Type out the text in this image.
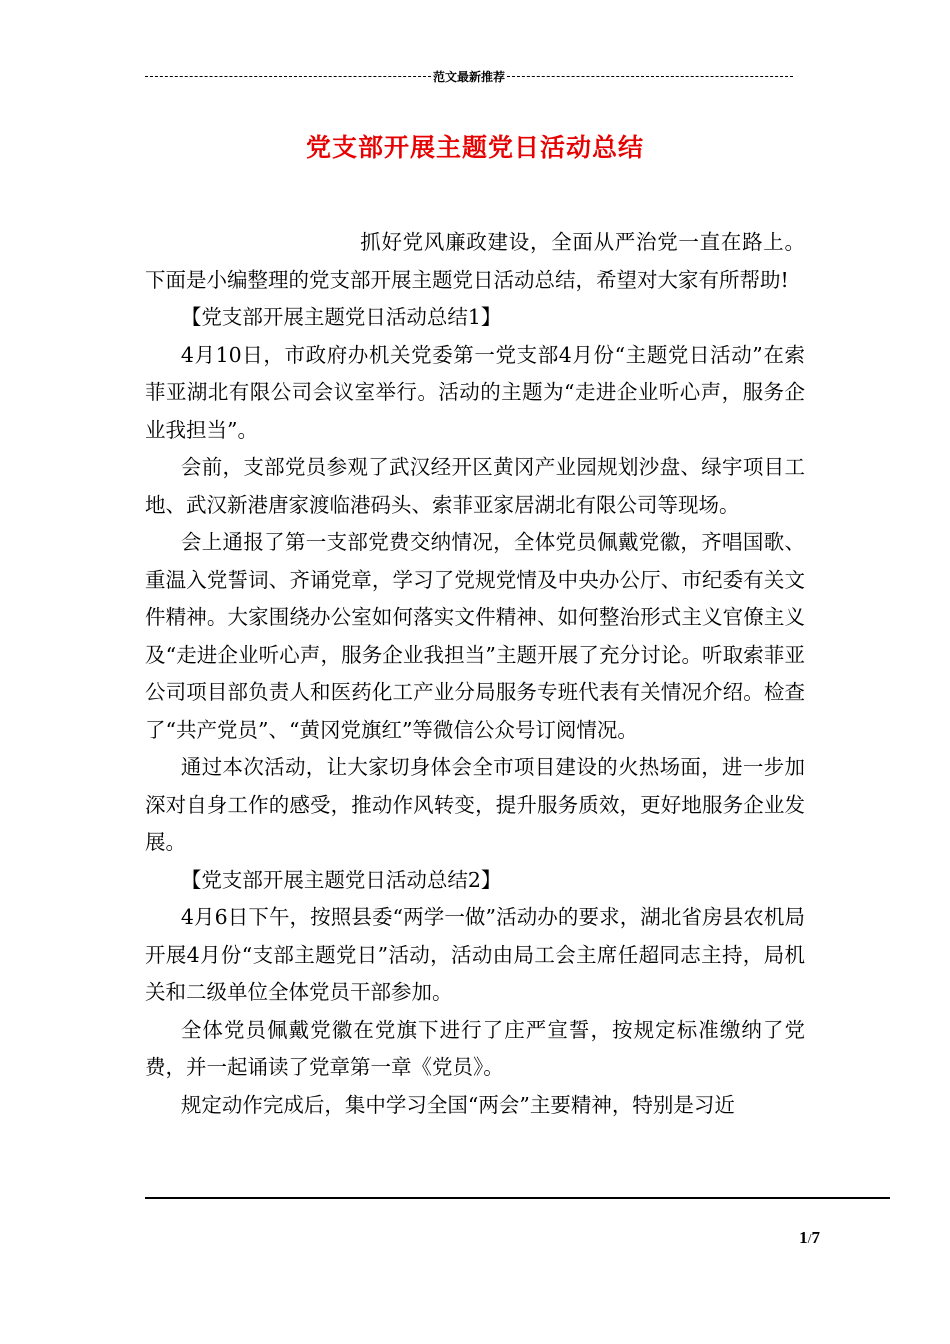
范文最新推荐
党支部开展主题党日活动总结

抓好党风廉政建设，全面从严治党一直在路上。下面是小编整理的党支部开展主题党日活动总结，希望对大家有所帮助!

【党支部开展主题党日活动总结1】

4月10日，市政府办机关党委第一党支部4月份“主题党日活动”在索菲亚湖北有限公司会议室举行。活动的主题为“走进企业听心声，服务企业我担当”。

会前，支部党员参观了武汉经开区黄冈产业园规划沙盘、绿宇项目工地、武汉新港唐家渡临港码头、索菲亚家居湖北有限公司等现场。

会上通报了第一支部党费交纳情况，全体党员佩戴党徽，齐唱国歌、重温入党誓词、齐诵党章，学习了党规党情及中央办公厅、市纪委有关文件精神。大家围绕办公室如何落实文件精神、如何整治形式主义官僚主义及“走进企业听心声，服务企业我担当”主题开展了充分讨论。听取索菲亚公司项目部负责人和医药化工产业分局服务专班代表有关情况介绍。检查了“共产党员”、“黄冈党旗红”等微信公众号订阅情况。

通过本次活动，让大家切身体会全市项目建设的火热场面，进一步加深对自身工作的感受，推动作风转变，提升服务质效，更好地服务企业发展。

【党支部开展主题党日活动总结2】

4月6日下午，按照县委“两学一做”活动办的要求，湖北省房县农机局开展4月份“支部主题党日”活动，活动由局工会主席任超同志主持，局机关和二级单位全体党员干部参加。

全体党员佩戴党徽在党旗下进行了庄严宣誓，按规定标准缴纳了党费，并一起诵读了党章第一章《党员》。

规定动作完成后，集中学习全国“两会”主要精神，特别是习近

1/7
